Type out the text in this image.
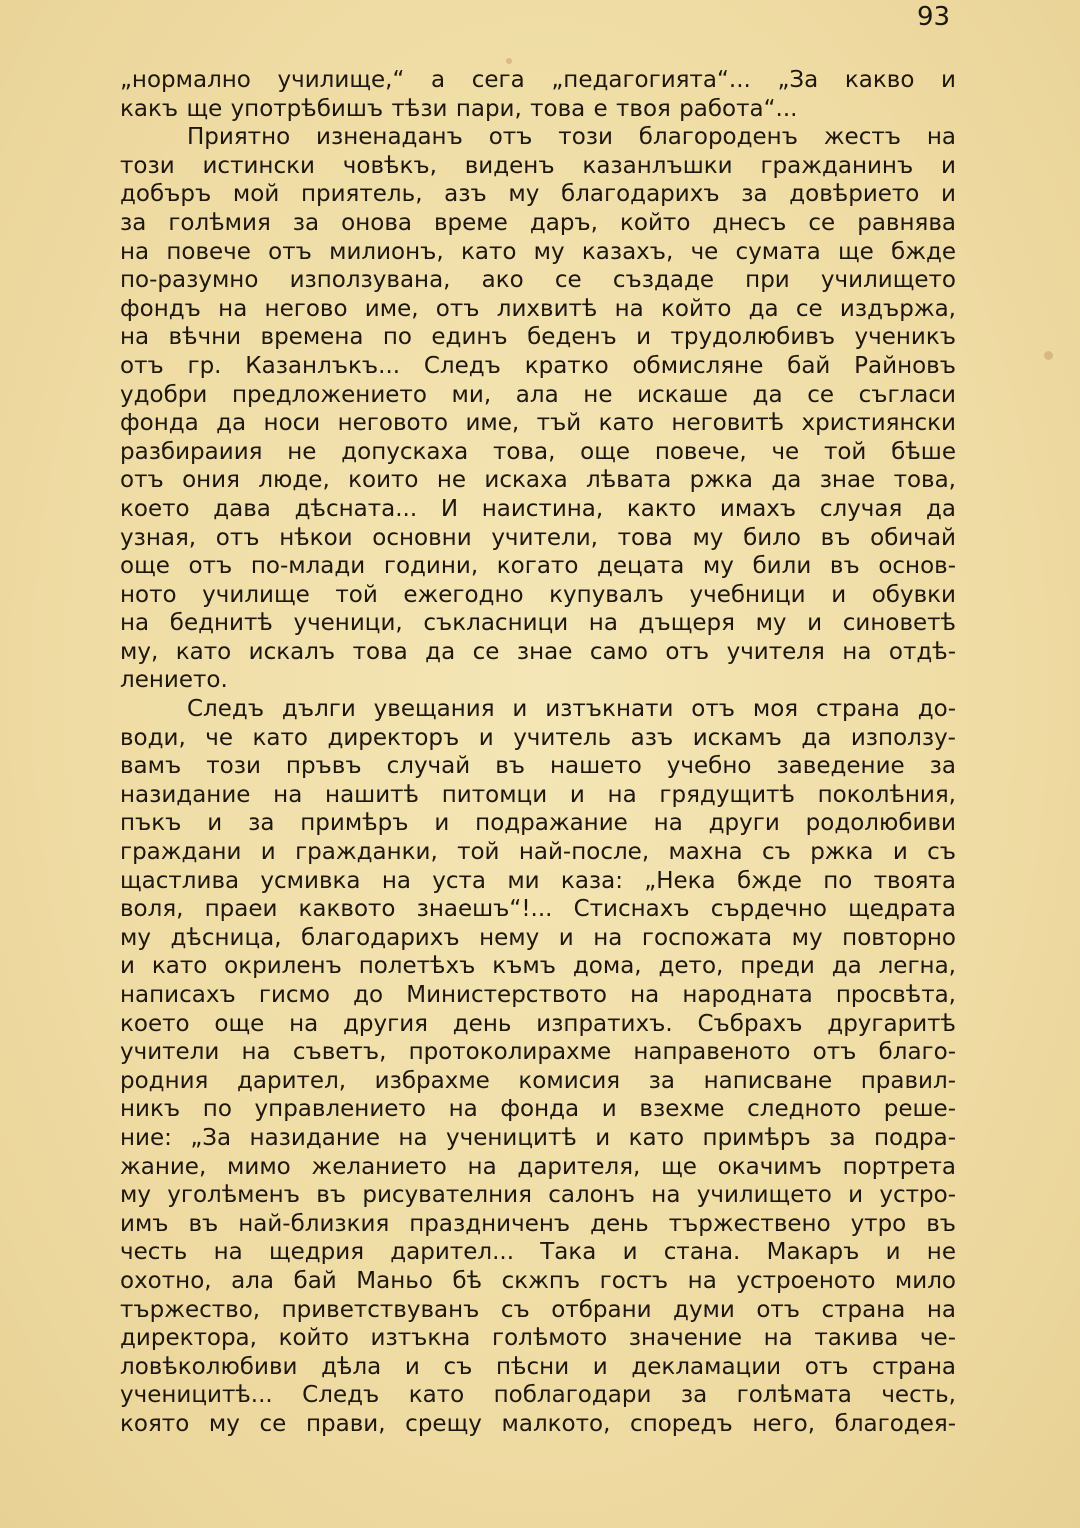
93
„нормално училище,“ а сега „педагогията“... „За какво и
какъ ще употрѣбишъ тѣзи пари, това е твоя работа“...
Приятно изненаданъ отъ този благороденъ жестъ на
този истински човѣкъ, виденъ казанлъшки гражданинъ и
добъръ мой приятель, азъ му благодарихъ за довѣрието и
за голѣмия за онова време даръ, който днесъ се равнява
на повече отъ милионъ, като му казахъ, че сумата ще бжде
по-разумно използувана, ако се създаде при училището
фондъ на негово име, отъ лихвитѣ на който да се издържа,
на вѣчни времена по единъ беденъ и трудолюбивъ ученикъ
отъ гр. Казанлъкъ... Следъ кратко обмисляне бай Райновъ
удобри предложението ми, ала не искаше да се съгласи
фонда да носи неговото име, тъй като неговитѣ християнски
разбираиия не допускаха това, още повече, че той бѣше
отъ ония люде, които не искаха лѣвата ржка да знае това,
което дава дѣсната... И наистина, както имахъ случая да
узная, отъ нѣкои основни учители, това му било въ обичай
още отъ по-млади години, когато децата му били въ основ-
ното училище той ежегодно купувалъ учебници и обувки
на беднитѣ ученици, съкласници на дъщеря му и синоветѣ
му, като искалъ това да се знае само отъ учителя на отдѣ-
лението.
Следъ дълги увещания и изтъкнати отъ моя страна до-
води, че като директоръ и учитель азъ искамъ да използу-
вамъ този пръвъ случай въ нашето учебно заведение за
назидание на нашитѣ питомци и на грядущитѣ поколѣния,
пъкъ и за примѣръ и подражание на други родолюбиви
граждани и гражданки, той най-после, махна съ ржка и съ
щастлива усмивка на уста ми каза: „Нека бжде по твоята
воля, праеи каквото знаешъ“!... Стиснахъ сърдечно щедрата
му дѣсница, благодарихъ нему и на госпожата му повторно
и като окриленъ полетѣхъ къмъ дома, дето, преди да легна,
написахъ гисмо до Министерството на народната просвѣта,
което още на другия день изпратихъ. Събрахъ другаритѣ
учители на съветъ, протоколирахме направеното отъ благо-
родния дарител, избрахме комисия за написване правил-
никъ по управлението на фонда и взехме следното реше-
ние: „За назидание на ученицитѣ и като примѣръ за подра-
жание, мимо желанието на дарителя, ще окачимъ портрета
му уголѣменъ въ рисувателния салонъ на училището и устро-
имъ въ най-близкия праздниченъ день тържествено утро въ
честь на щедрия дарител... Така и стана. Макаръ и не
охотно, ала бай Маньо бѣ скжпъ гостъ на устроеното мило
тържество, приветствуванъ съ отбрани думи отъ страна на
директора, който изтъкна голѣмото значение на такива че-
ловѣколюбиви дѣла и съ пѣсни и декламации отъ страна
ученицитѣ... Следъ като поблагодари за голѣмата честь,
която му се прави, срещу малкото, споредъ него, благодея-
